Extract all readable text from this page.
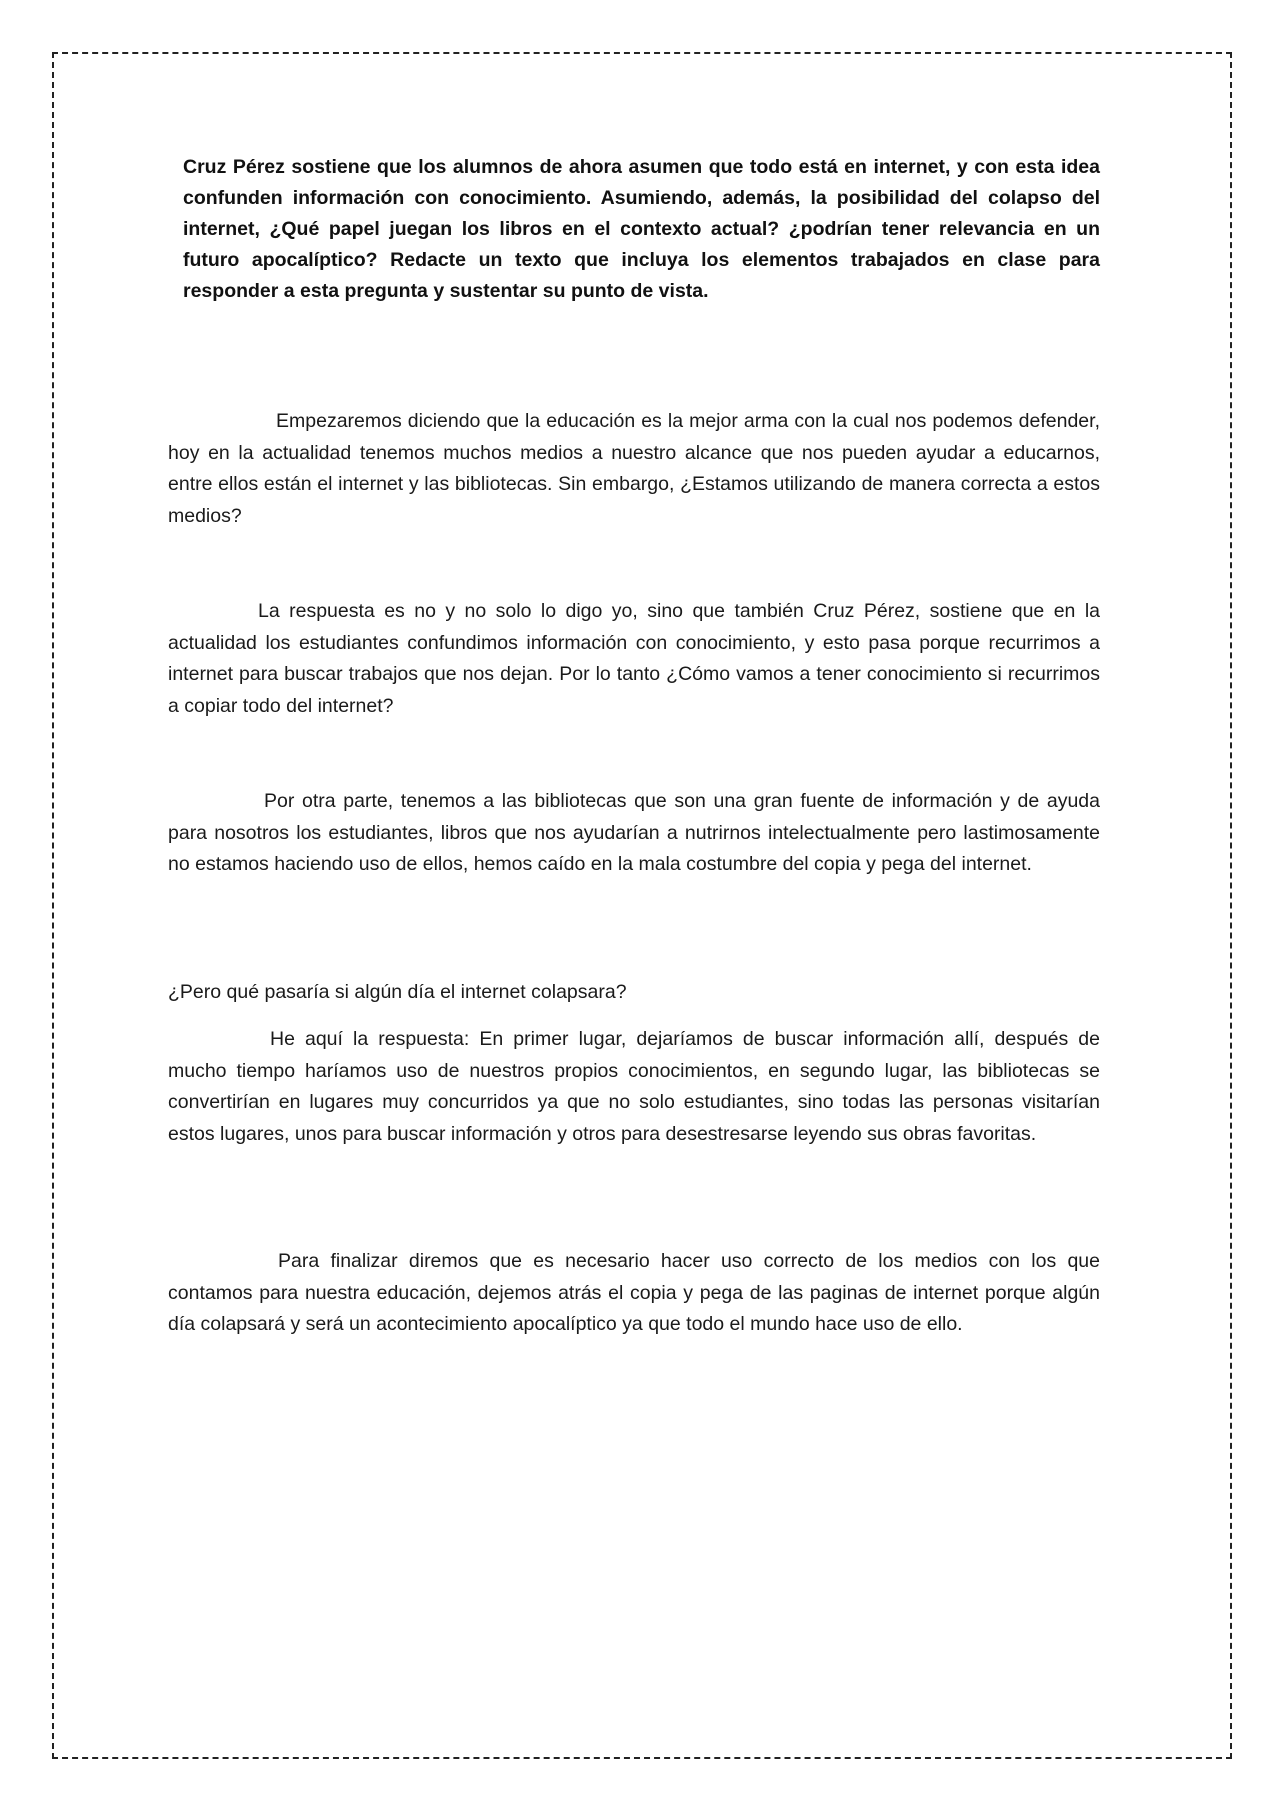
Cruz Pérez sostiene que los alumnos de ahora asumen que todo está en internet, y con esta idea confunden información con conocimiento. Asumiendo, además, la posibilidad del colapso del internet, ¿Qué papel juegan los libros en el contexto actual? ¿podrían tener relevancia en un futuro apocalíptico? Redacte un texto que incluya los elementos trabajados en clase para responder a esta pregunta y sustentar su punto de vista.

Empezaremos diciendo que la educación es la mejor arma con la cual nos podemos defender, hoy en la actualidad tenemos muchos medios a nuestro alcance que nos pueden ayudar a educarnos, entre ellos están el internet y las bibliotecas. Sin embargo, ¿Estamos utilizando de manera correcta a estos medios?

La respuesta es no y no solo lo digo yo, sino que también Cruz Pérez, sostiene que en la actualidad los estudiantes confundimos información con conocimiento, y esto pasa porque recurrimos a internet para buscar trabajos que nos dejan. Por lo tanto ¿Cómo vamos a tener conocimiento si recurrimos a copiar todo del internet?

Por otra parte, tenemos a las bibliotecas que son una gran fuente de información y de ayuda para nosotros los estudiantes, libros que nos ayudarían a nutrirnos intelectualmente pero lastimosamente no estamos haciendo uso de ellos, hemos caído en la mala costumbre del copia y pega del internet.

¿Pero qué pasaría si algún día el internet colapsara?

He aquí la respuesta: En primer lugar, dejaríamos de buscar información allí, después de mucho tiempo haríamos uso de nuestros propios conocimientos, en segundo lugar, las bibliotecas se convertirían en lugares muy concurridos ya que no solo estudiantes, sino todas las personas visitarían estos lugares, unos para buscar información y otros para desestresarse leyendo sus obras favoritas.

Para finalizar diremos que es necesario hacer uso correcto de los medios con los que contamos para nuestra educación, dejemos atrás el copia y pega de las paginas de internet porque algún día colapsará y será un acontecimiento apocalíptico ya que todo el mundo hace uso de ello.
